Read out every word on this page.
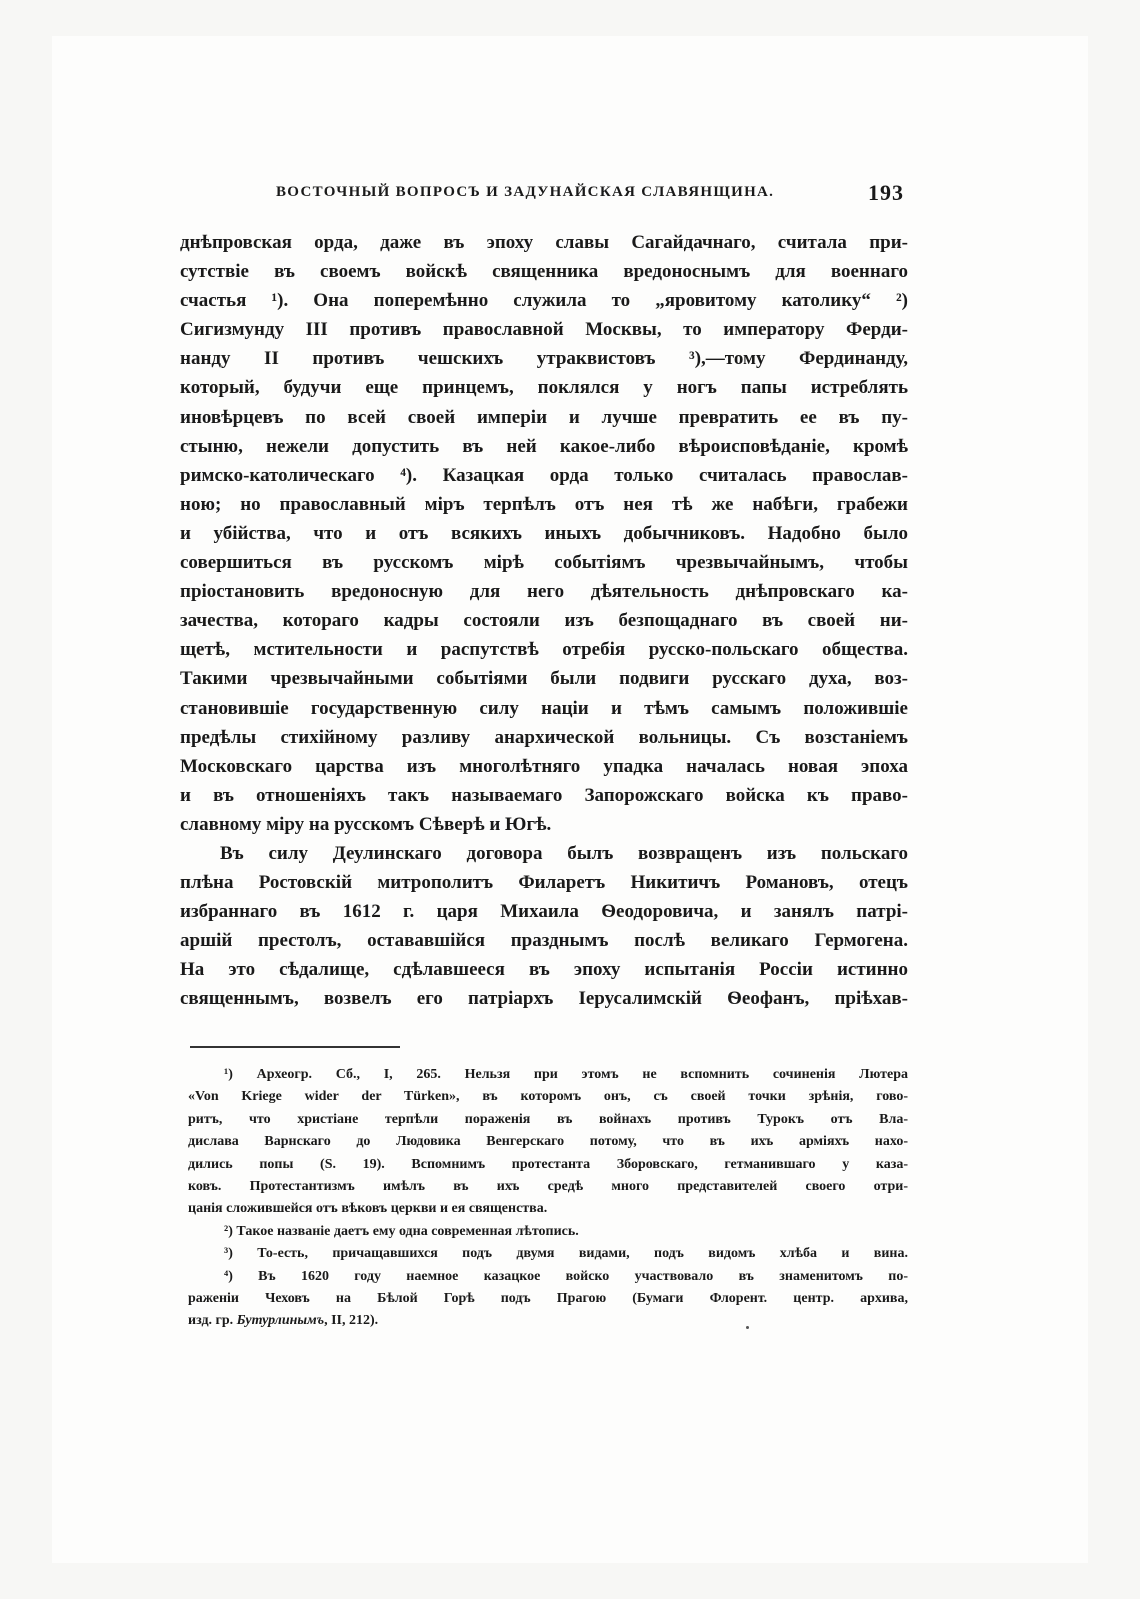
ВОСТОЧНЫЙ ВОПРОСЪ И ЗАДУНАЙСКАЯ СЛАВЯНЩИНА.	193
днѣпровская орда, даже въ эпоху славы Сагайдачнаго, считала при-
сутствіе въ своемъ войскѣ священника вредоноснымъ для военнаго
счастья ¹). Она поперемѣнно служила то „яровитому католику“ ²)
Сигизмунду III противъ православной Москвы, то императору Ферди-
нанду II противъ чешскихъ утраквистовъ ³),—тому Фердинанду,
который, будучи еще принцемъ, поклялся у ногъ папы истреблять
иновѣрцевъ по всей своей имперіи и лучше превратить ее въ пу-
стыню, нежели допустить въ ней какое-либо вѣроисповѣданіе, кромѣ
римско-католическаго ⁴). Казацкая орда только считалась православ-
ною; но православный міръ терпѣлъ отъ нея тѣ же набѣги, грабежи
и убійства, что и отъ всякихъ иныхъ добычниковъ. Надобно было
совершиться въ русскомъ мірѣ событіямъ чрезвычайнымъ, чтобы
пріостановить вредоносную для него дѣятельность днѣпровскаго ка-
зачества, котораго кадры состояли изъ безпощаднаго въ своей ни-
щетѣ, мстительности и распутствѣ отребія русско-польскаго общества.
Такими чрезвычайными событіями были подвиги русскаго духа, воз-
становившіе государственную силу націи и тѣмъ самымъ положившіе
предѣлы стихійному разливу анархической вольницы. Съ возстаніемъ
Московскаго царства изъ многолѣтняго упадка началась новая эпоха
и въ отношеніяхъ такъ называемаго Запорожскаго войска къ право-
славному міру на русскомъ Сѣверѣ и Югѣ.
Въ силу Деулинскаго договора былъ возвращенъ изъ польскаго
плѣна Ростовскій митрополитъ Филаретъ Никитичъ Романовъ, отецъ
избраннаго въ 1612 г. царя Михаила Ѳеодоровича, и занялъ патрі-
аршій престолъ, остававшійся празднымъ послѣ великаго Гермогена.
На это сѣдалище, сдѣлавшееся въ эпоху испытанія Россіи истинно
священнымъ, возвелъ его патріархъ Іерусалимскій Ѳеофанъ, пріѣхав-
¹) Археогр. Сб., I, 265. Нельзя при этомъ не вспомнить сочиненія Лютера
«Von Kriege wider der Türken», въ которомъ онъ, съ своей точки зрѣнія, гово-
ритъ, что христіане терпѣли пораженія въ войнахъ противъ Турокъ отъ Вла-
дислава Варнскаго до Людовика Венгерскаго потому, что въ ихъ арміяхъ нахо-
дились попы (S. 19). Вспомнимъ протестанта Зборовскаго, гетманившаго у каза-
ковъ. Протестантизмъ имѣлъ въ ихъ средѣ много представителей своего отри-
цанія сложившейся отъ вѣковъ церкви и ея священства.
²) Такое названіе даетъ ему одна современная лѣтопись.
³) То-есть, причащавшихся подъ двумя видами, подъ видомъ хлѣба и вина.
⁴) Въ 1620 году наемное казацкое войско участвовало въ знаменитомъ по-
раженіи Чеховъ на Бѣлой Горѣ подъ Прагою (Бумаги Флорент. центр. архива,
изд. гр. Бутурлинымъ, II, 212).
